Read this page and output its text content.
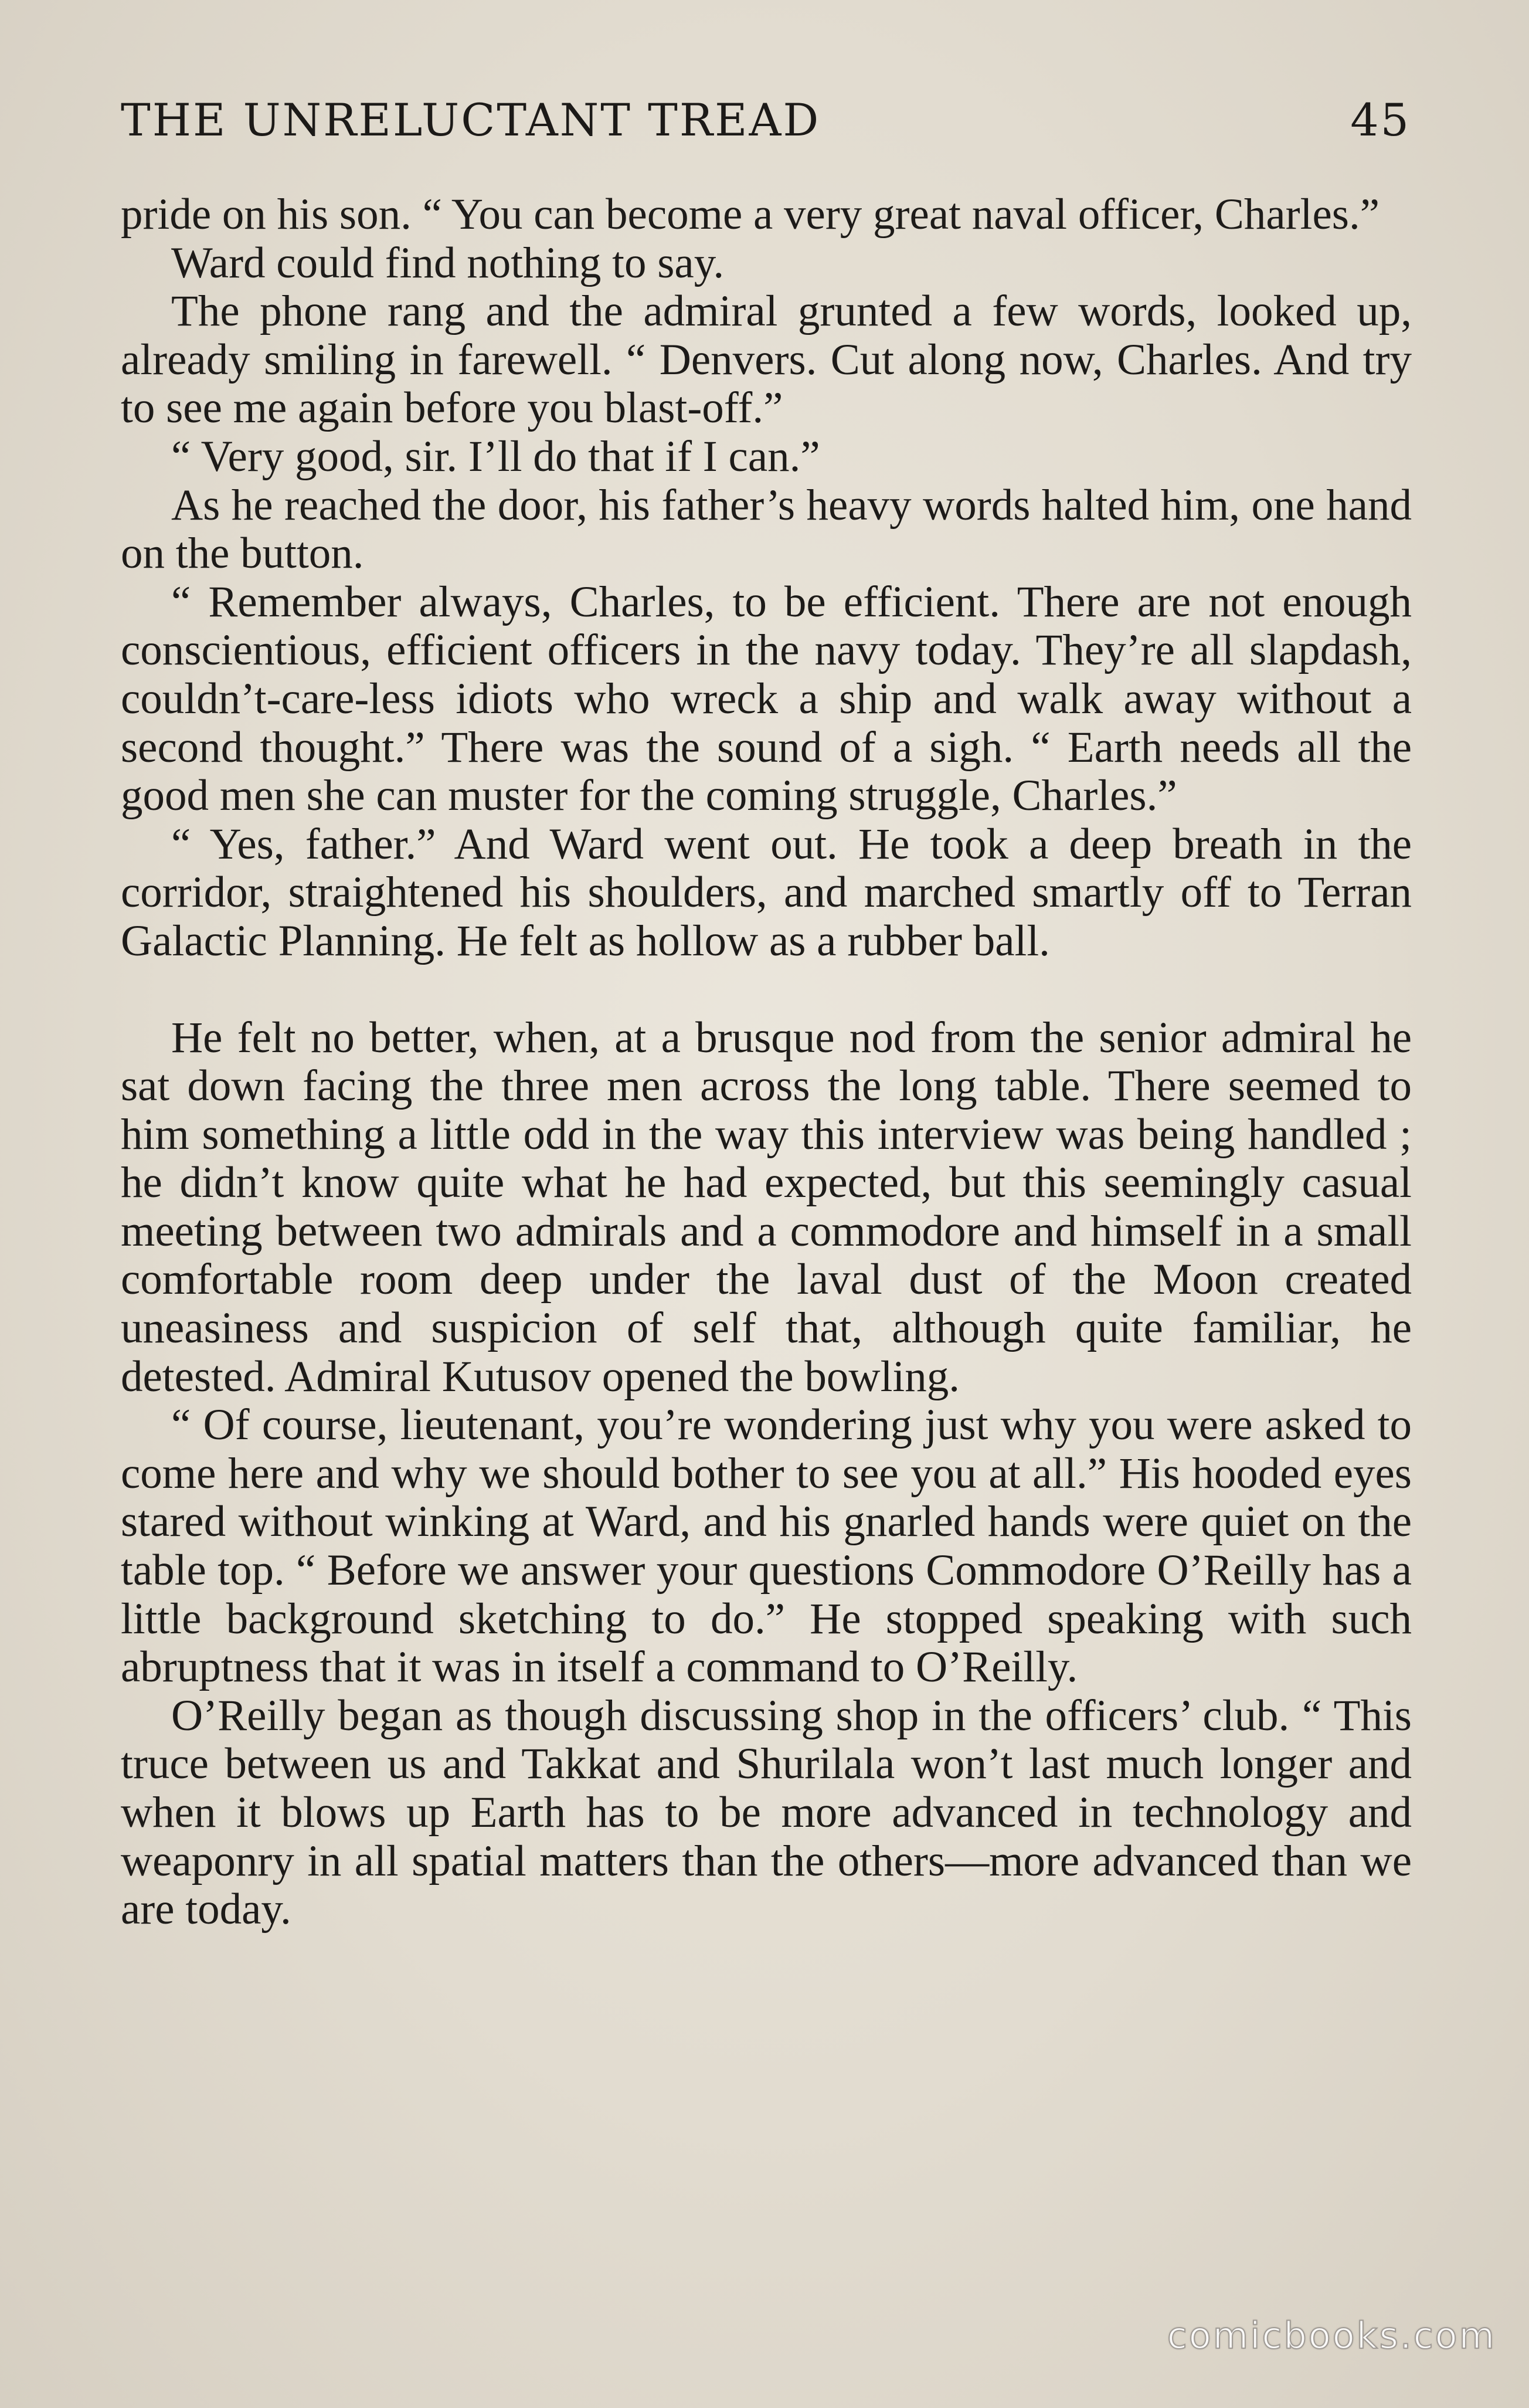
THE UNRELUCTANT TREAD	45

pride on his son. “ You can become a very great naval officer, Charles.”

Ward could find nothing to say.

The phone rang and the admiral grunted a few words, looked up, already smiling in farewell. “ Denvers. Cut along now, Charles. And try to see me again before you blast-off.”

“ Very good, sir. I’ll do that if I can.”

As he reached the door, his father’s heavy words halted him, one hand on the button.

“ Remember always, Charles, to be efficient. There are not enough conscientious, efficient officers in the navy today. They’re all slapdash, couldn’t-care-less idiots who wreck a ship and walk away without a second thought.” There was the sound of a sigh. “ Earth needs all the good men she can muster for the coming struggle, Charles.”

“ Yes, father.” And Ward went out. He took a deep breath in the corridor, straightened his shoulders, and marched smartly off to Terran Galactic Planning. He felt as hollow as a rubber ball.

He felt no better, when, at a brusque nod from the senior admiral he sat down facing the three men across the long table. There seemed to him something a little odd in the way this interview was being handled ; he didn’t know quite what he had expected, but this seemingly casual meeting between two admirals and a commodore and himself in a small comfortable room deep under the laval dust of the Moon created uneasiness and suspicion of self that, although quite familiar, he detested. Admiral Kutusov opened the bowling.

“ Of course, lieutenant, you’re wondering just why you were asked to come here and why we should bother to see you at all.” His hooded eyes stared without winking at Ward, and his gnarled hands were quiet on the table top. “ Before we answer your questions Commodore O’Reilly has a little background sketching to do.” He stopped speaking with such abruptness that it was in itself a command to O’Reilly.

O’Reilly began as though discussing shop in the officers’ club. “ This truce between us and Takkat and Shurilala won’t last much longer and when it blows up Earth has to be more advanced in technology and weaponry in all spatial matters than the others—more advanced than we are today.

comicbooks.com
